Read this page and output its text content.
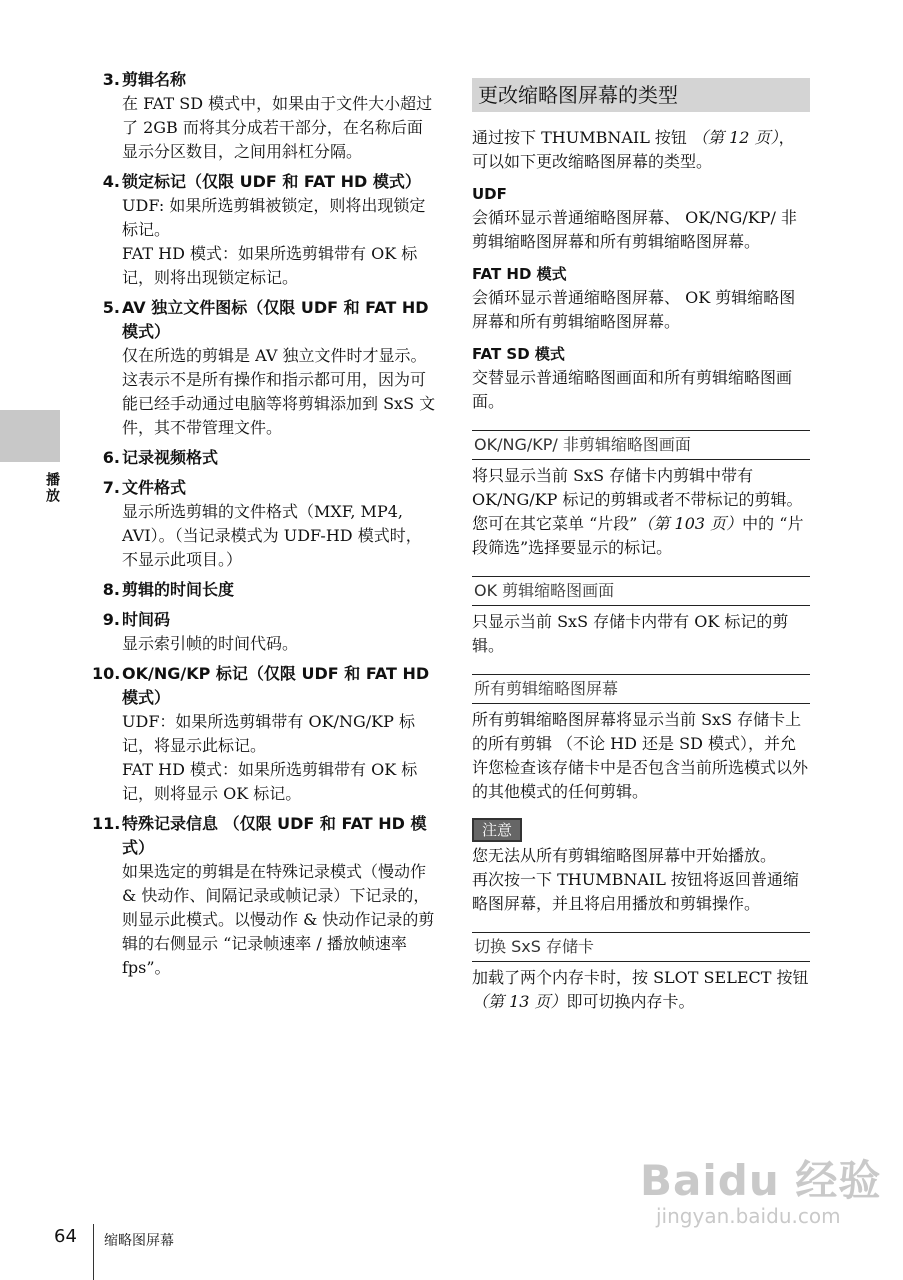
播放
3. 剪辑名称
在 FAT SD 模式中，如果由于文件大小超过了 2GB 而将其分成若干部分，在名称后面显示分区数目，之间用斜杠分隔。
4. 锁定标记（仅限 UDF 和 FAT HD 模式）
UDF: 如果所选剪辑被锁定，则将出现锁定标记。
FAT HD 模式：如果所选剪辑带有 OK 标记，则将出现锁定标记。
5. AV 独立文件图标（仅限 UDF 和 FAT HD 模式）
仅在所选的剪辑是 AV 独立文件时才显示。这表示不是所有操作和指示都可用，因为可能已经手动通过电脑等将剪辑添加到 SxS 文件，其不带管理文件。
6. 记录视频格式
7. 文件格式
显示所选剪辑的文件格式（MXF, MP4, AVI）。（当记录模式为 UDF-HD 模式时，不显示此项目。）
8. 剪辑的时间长度
9. 时间码
显示索引帧的时间代码。
10. OK/NG/KP 标记（仅限 UDF 和 FAT HD 模式）
UDF：如果所选剪辑带有 OK/NG/KP 标记，将显示此标记。
FAT HD 模式：如果所选剪辑带有 OK 标记，则将显示 OK 标记。
11. 特殊记录信息 （仅限 UDF 和 FAT HD 模式）
如果选定的剪辑是在特殊记录模式（慢动作 & 快动作、间隔记录或帧记录）下记录的，则显示此模式。以慢动作 & 快动作记录的剪辑的右侧显示 “记录帧速率 / 播放帧速率 fps”。
更改缩略图屏幕的类型
通过按下 THUMBNAIL 按钮 （第 12 页），可以如下更改缩略图屏幕的类型。
UDF
会循环显示普通缩略图屏幕、 OK/NG/KP/ 非剪辑缩略图屏幕和所有剪辑缩略图屏幕。
FAT HD 模式
会循环显示普通缩略图屏幕、 OK 剪辑缩略图屏幕和所有剪辑缩略图屏幕。
FAT SD 模式
交替显示普通缩略图画面和所有剪辑缩略图画面。
OK/NG/KP/ 非剪辑缩略图画面
将只显示当前 SxS 存储卡内剪辑中带有 OK/NG/KP 标记的剪辑或者不带标记的剪辑。
您可在其它菜单 “片段”（第 103 页）中的 “片段筛选”选择要显示的标记。
OK 剪辑缩略图画面
只显示当前 SxS 存储卡内带有 OK 标记的剪辑。
所有剪辑缩略图屏幕
所有剪辑缩略图屏幕将显示当前 SxS 存储卡上的所有剪辑 （不论 HD 还是 SD 模式），并允许您检查该存储卡中是否包含当前所选模式以外的其他模式的任何剪辑。
注意
您无法从所有剪辑缩略图屏幕中开始播放。
再次按一下 THUMBNAIL 按钮将返回普通缩略图屏幕，并且将启用播放和剪辑操作。
切换 SxS 存储卡
加载了两个内存卡时，按 SLOT SELECT 按钮 （第 13 页）即可切换内存卡。
64 缩略图屏幕
Baidu 经验
jingyan.baidu.com
